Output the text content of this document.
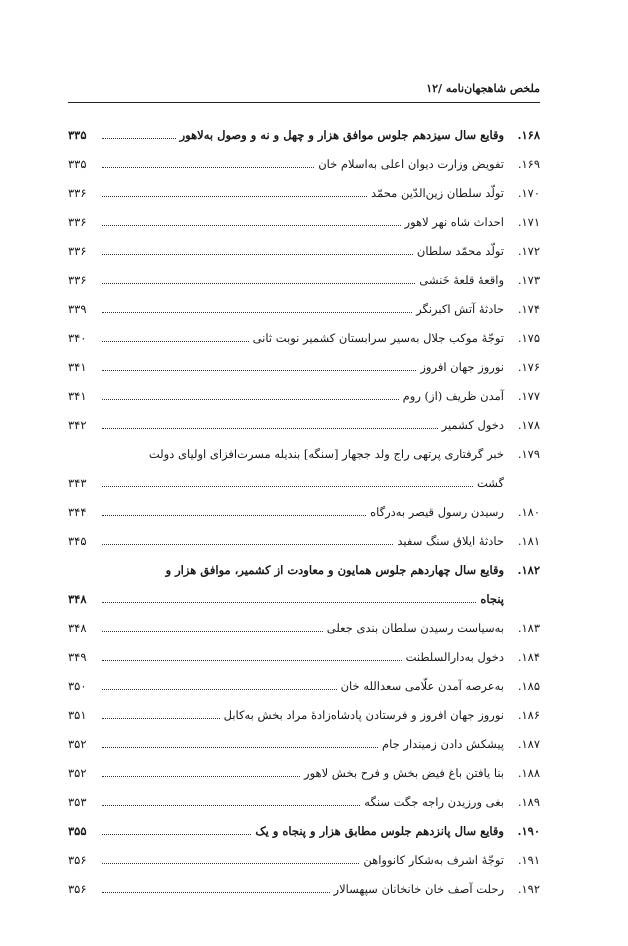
ملخص شاهجهان‌نامه /۱۲
۱۶۸.
وقایع سال سیزدهم جلوس موافق هزار و چهل و نه و وصول به‌لاهور
۳۳۵
۱۶۹.
تفویض وزارت دیوان اعلی به‌اسلام خان
۳۳۵
۱۷۰.
تولّد سلطان زین‌الدّین محمّد
۳۳۶
۱۷۱.
احداث شاه نهر لاهور
۳۳۶
۱۷۲.
تولّد محمّد سلطان
۳۳۶
۱۷۳.
واقعهٔ قلعهٔ خَنشی
۳۳۶
۱۷۴.
حادثهٔ آتش اکبرنگر
۳۳۹
۱۷۵.
توجّهٔ موکب جلال به‌سیر سرابستان کشمیر نوبت ثانی
۳۴۰
۱۷۶.
نوروز جهان افروز
۳۴۱
۱۷۷.
آمدن ظریف (از) روم
۳۴۱
۱۷۸.
دخول کشمیر
۳۴۲
۱۷۹.
خبر گرفتاری پرتهی راج ولد ججهار [سنگه] بندیله مسرت‌افزای اولیای دولت
گشت
۳۴۳
۱۸۰.
رسیدن رسول قیصر به‌درگاه
۳۴۴
۱۸۱.
حادثهٔ ایلاق سنگ سفید
۳۴۵
۱۸۲.
وقایع سال چهاردهم جلوس همایون و معاودت از کشمیر، موافق هزار و
پنجاه
۳۴۸
۱۸۳.
به‌سیاست رسیدن سلطان بندی جعلی
۳۴۸
۱۸۴.
دخول به‌دارالسلطنت
۳۴۹
۱۸۵.
به‌عرصه آمدن علّامی سعدالله خان
۳۵۰
۱۸۶.
نوروز جهان افروز و فرستادن پادشاه‌زادهٔ مراد بخش به‌کابل
۳۵۱
۱۸۷.
پیشکش دادن زمیندار جام
۳۵۲
۱۸۸.
بنا یافتن باغ فیض بخش و فرح بخش لاهور
۳۵۲
۱۸۹.
بغی ورزیدن راجه جگت سنگه
۳۵۳
۱۹۰.
وقایع سال پانزدهم جلوس مطابق هزار و پنجاه و یک
۳۵۵
۱۹۱.
توجّهٔ اشرف به‌شکار کانوواهن
۳۵۶
۱۹۲.
رحلت آصف خان خانخانان سپهسالار
۳۵۶
